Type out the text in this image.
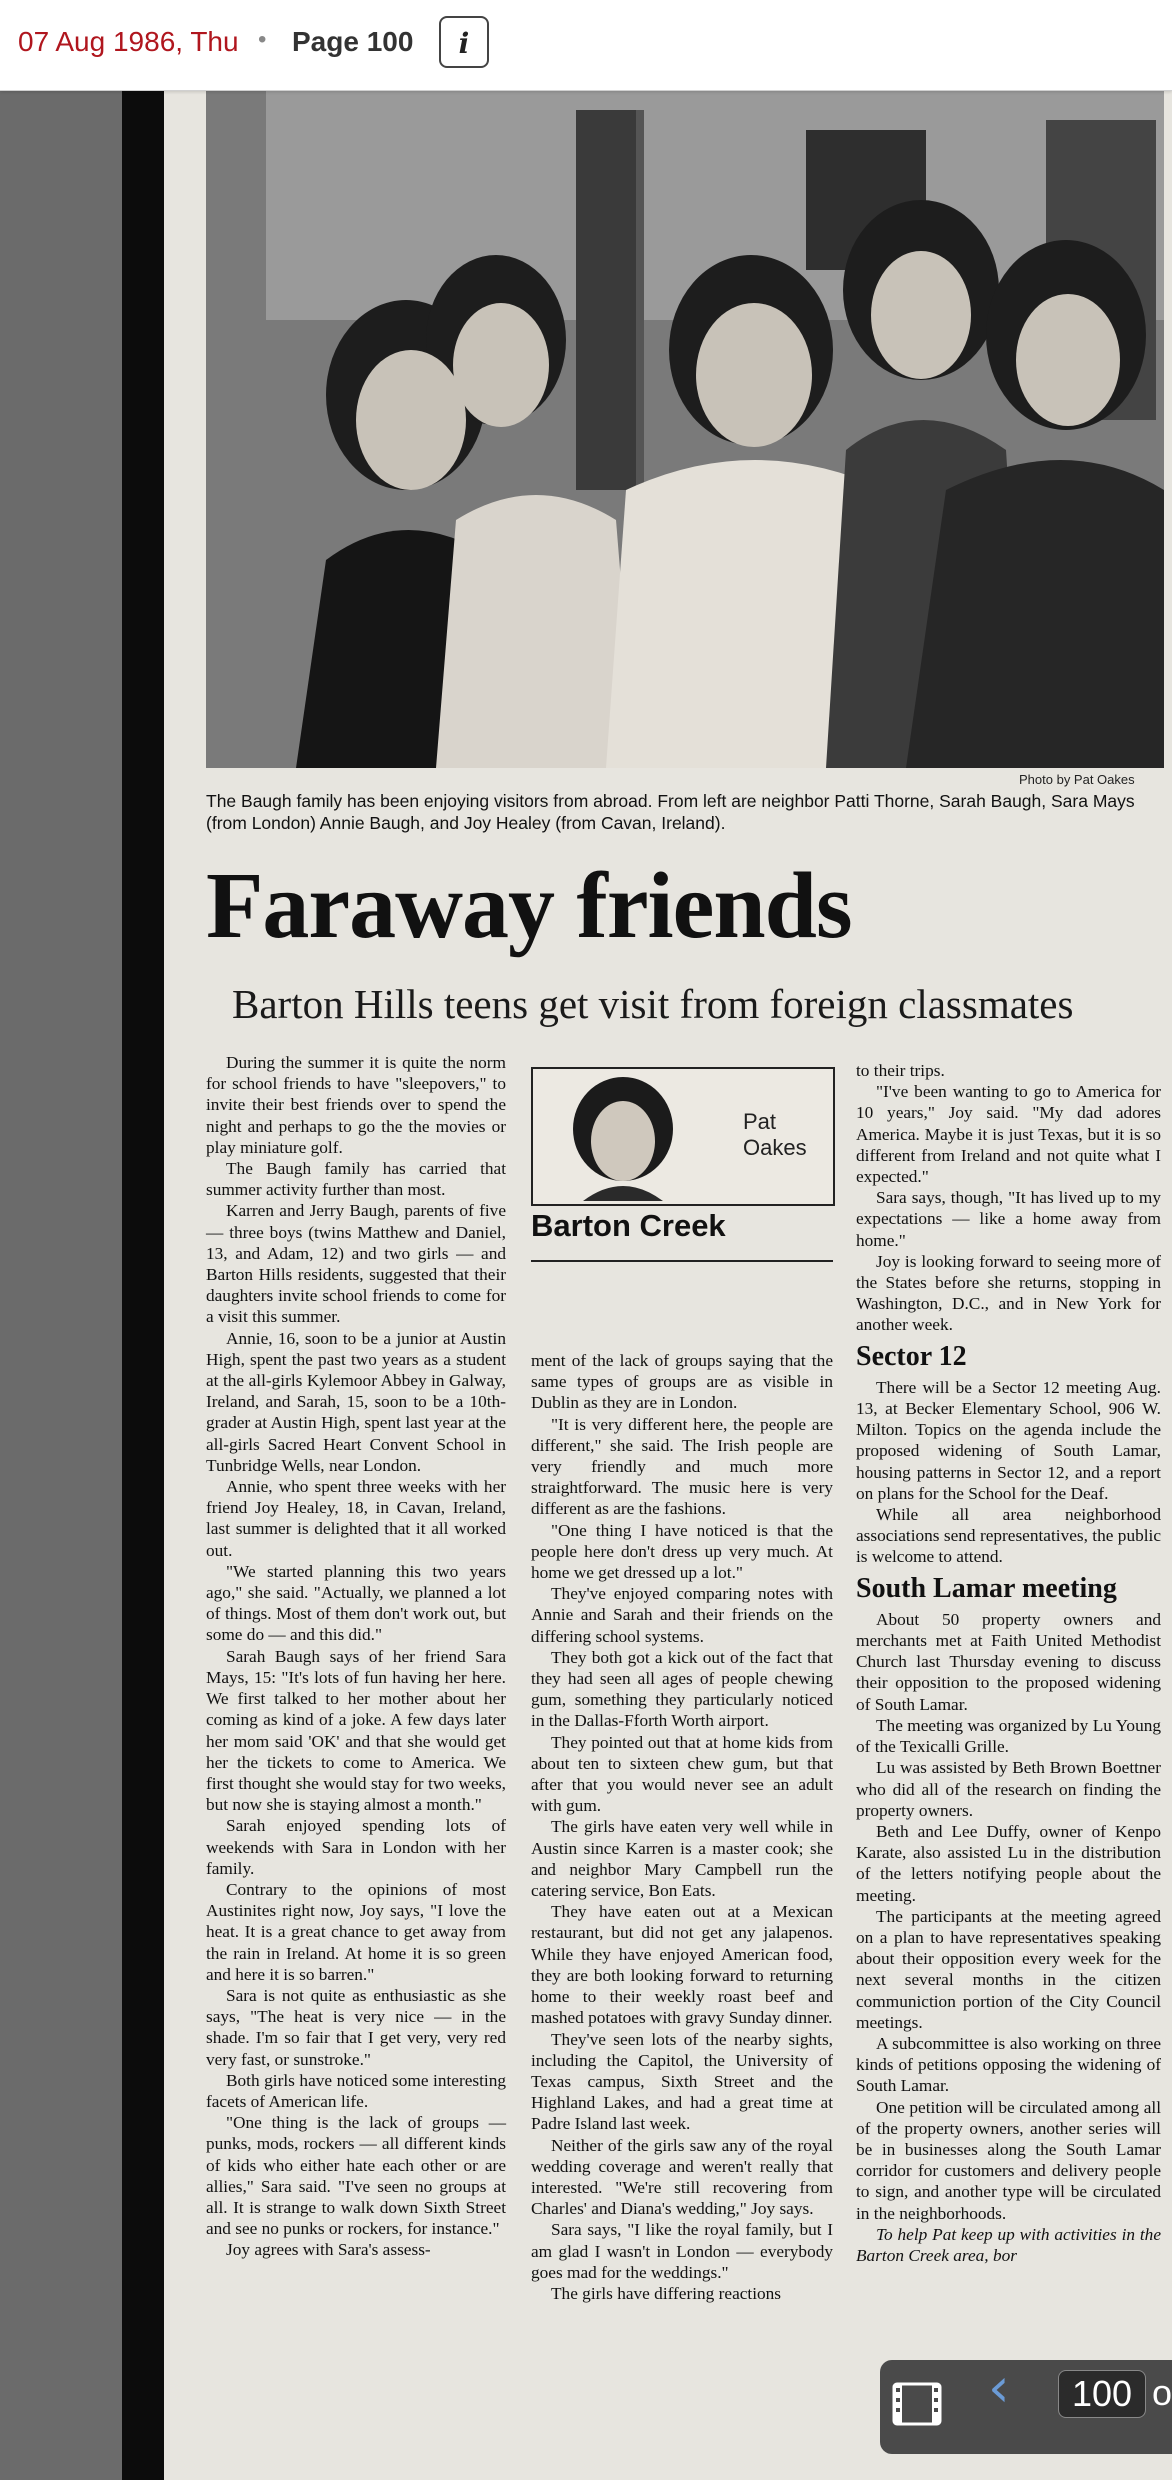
07 Aug 1986, Thu • Page 100	i
Photo by Pat Oakes
The Baugh family has been enjoying visitors from abroad. From left are neighbor Patti Thorne, Sarah Baugh, Sara Mays (from London) Annie Baugh, and Joy Healey (from Cavan, Ireland).
Faraway friends
Barton Hills teens get visit from foreign classmates

During the summer it is quite the norm for school friends to have "sleepovers," to invite their best friends over to spend the night and perhaps to go the the movies or play miniature golf.

The Baugh family has carried that summer activity further than most.

Karren and Jerry Baugh, parents of five — three boys (twins Matthew and Daniel, 13, and Adam, 12) and two girls — and Barton Hills residents, suggested that their daughters invite school friends to come for a visit this summer.

Annie, 16, soon to be a junior at Austin High, spent the past two years as a student at the all-girls Kylemoor Abbey in Galway, Ireland, and Sarah, 15, soon to be a 10th-grader at Austin High, spent last year at the all-girls Sacred Heart Convent School in Tunbridge Wells, near London.

Annie, who spent three weeks with her friend Joy Healey, 18, in Cavan, Ireland, last summer is delighted that it all worked out.

"We started planning this two years ago," she said. "Actually, we planned a lot of things. Most of them don't work out, but some do — and this did."

Sarah Baugh says of her friend Sara Mays, 15: "It's lots of fun having her here. We first talked to her mother about her coming as kind of a joke. A few days later her mom said 'OK' and that she would get her the tickets to come to America. We first thought she would stay for two weeks, but now she is staying almost a month."

Sarah enjoyed spending lots of weekends with Sara in London with her family.

Contrary to the opinions of most Austinites right now, Joy says, "I love the heat. It is a great chance to get away from the rain in Ireland. At home it is so green and here it is so barren."

Sara is not quite as enthusiastic as she says, "The heat is very nice — in the shade. I'm so fair that I get very, very red very fast, or sunstroke."

Both girls have noticed some interesting facets of American life.

"One thing is the lack of groups — punks, mods, rockers — all different kinds of kids who either hate each other or are allies," Sara said. "I've seen no groups at all. It is strange to walk down Sixth Street and see no punks or rockers, for instance."

Joy agrees with Sara's assess-

Pat Oakes
Barton Creek

ment of the lack of groups saying that the same types of groups are as visible in Dublin as they are in London.

"It is very different here, the people are different," she said. The Irish people are very friendly and much more straightforward. The music here is very different as are the fashions.

"One thing I have noticed is that the people here don't dress up very much. At home we get dressed up a lot."

They've enjoyed comparing notes with Annie and Sarah and their friends on the differing school systems.

They both got a kick out of the fact that they had seen all ages of people chewing gum, something they particularly noticed in the Dallas-Fforth Worth airport.

They pointed out that at home kids from about ten to sixteen chew gum, but that after that you would never see an adult with gum.

The girls have eaten very well while in Austin since Karren is a master cook; she and neighbor Mary Campbell run the catering service, Bon Eats.

They have eaten out at a Mexican restaurant, but did not get any jalapenos. While they have enjoyed American food, they are both looking forward to returning home to their weekly roast beef and mashed potatoes with gravy Sunday dinner.

They've seen lots of the nearby sights, including the Capitol, the University of Texas campus, Sixth Street and the Highland Lakes, and had a great time at Padre Island last week.

Neither of the girls saw any of the royal wedding coverage and weren't really that interested. "We're still recovering from Charles' and Diana's wedding," Joy says.

Sara says, "I like the royal family, but I am glad I wasn't in London — everybody goes mad for the weddings."

The girls have differing reactions

to their trips.

"I've been wanting to go to America for 10 years," Joy said. "My dad adores America. Maybe it is just Texas, but it is so different from Ireland and not quite what I expected."

Sara says, though, "It has lived up to my expectations — like a home away from home."

Joy is looking forward to seeing more of the States before she returns, stopping in Washington, D.C., and in New York for another week.

Sector 12

There will be a Sector 12 meeting Aug. 13, at Becker Elementary School, 906 W. Milton. Topics on the agenda include the proposed widening of South Lamar, housing patterns in Sector 12, and a report on plans for the School for the Deaf.

While all area neighborhood associations send representatives, the public is welcome to attend.

South Lamar meeting

About 50 property owners and merchants met at Faith United Methodist Church last Thursday evening to discuss their opposition to the proposed widening of South Lamar.

The meeting was organized by Lu Young of the Texicalli Grille.

Lu was assisted by Beth Brown Boettner who did all of the research on finding the property owners.

Beth and Lee Duffy, owner of Kenpo Karate, also assisted Lu in the distribution of the letters notifying people about the meeting.

The participants at the meeting agreed on a plan to have representatives speaking about their opposition every week for the next several months in the citizen communiction portion of the City Council meetings.

A subcommittee is also working on three kinds of petitions opposing the widening of South Lamar.

One petition will be circulated among all of the property owners, another series will be in businesses along the South Lamar corridor for customers and delivery people to sign, and another type will be circulated in the neighborhoods.

To help Pat keep up with activities in the Barton Creek area, bor

‹	100 o
